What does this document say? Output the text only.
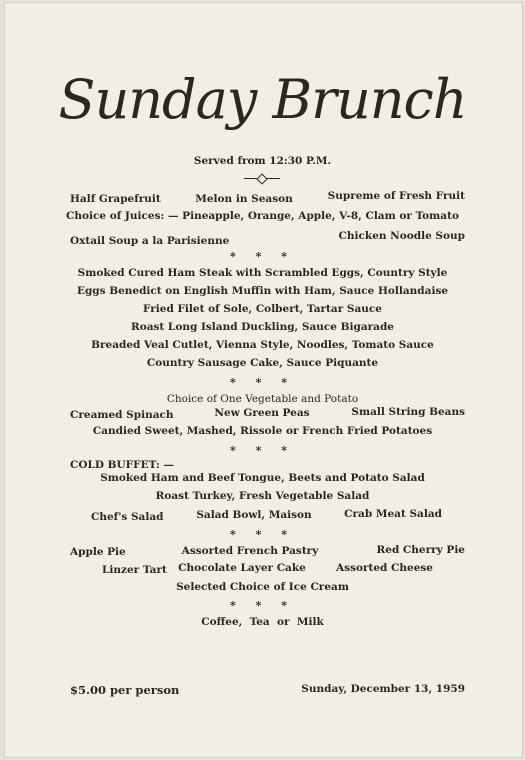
Sunday Brunch
Served from 12:30 P.M.
Half Grapefruit	Melon in Season	Supreme of Fresh Fruit
Choice of Juices: — Pineapple, Orange, Apple, V-8, Clam or Tomato
Oxtail Soup a la Parisienne	Chicken Noodle Soup
* * *
Smoked Cured Ham Steak with Scrambled Eggs, Country Style
Eggs Benedict on English Muffin with Ham, Sauce Hollandaise
Fried Filet of Sole, Colbert, Tartar Sauce
Roast Long Island Duckling, Sauce Bigarade
Breaded Veal Cutlet, Vienna Style, Noodles, Tomato Sauce
Country Sausage Cake, Sauce Piquante
* * *
Choice of One Vegetable and Potato
Creamed Spinach	New Green Peas	Small String Beans
Candied Sweet, Mashed, Rissole or French Fried Potatoes
* * *
COLD BUFFET: —
Smoked Ham and Beef Tongue, Beets and Potato Salad
Roast Turkey, Fresh Vegetable Salad
Chef's Salad	Salad Bowl, Maison	Crab Meat Salad
* * *
Apple Pie	Assorted French Pastry	Red Cherry Pie
Linzer Tart Chocolate Layer Cake	Assorted Cheese
Selected Choice of Ice Cream
* * *
Coffee,  Tea  or  Milk
$5.00 per person	Sunday, December 13, 1959
